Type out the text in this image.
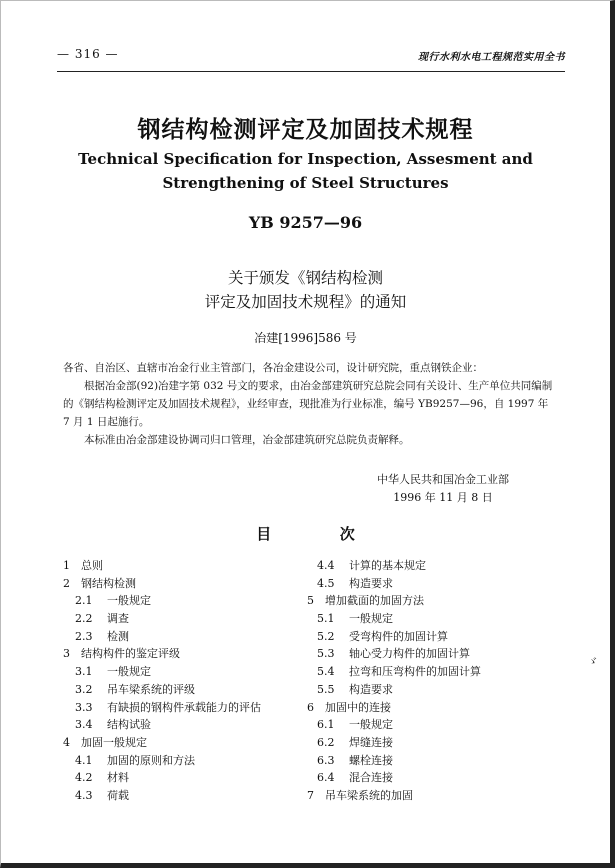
— 316 —	现行水利水电工程规范实用全书
钢结构检测评定及加固技术规程
Technical Specification for Inspection, Assesment and
Strengthening of Steel Structures
YB 9257—96
关于颁发《钢结构检测
评定及加固技术规程》的通知
冶建[1996]586 号

各省、自治区、直辖市冶金行业主管部门，各冶金建设公司，设计研究院，重点钢铁企业：

根据冶金部(92)冶建字第 032 号文的要求，由冶金部建筑研究总院会同有关设计、生产单位共同编制的《钢结构检测评定及加固技术规程》，业经审查，现批准为行业标准，编号 YB9257—96，自 1997 年 7 月 1 日起施行。

本标准由冶金部建设协调司归口管理，冶金部建筑研究总院负责解释。

中华人民共和国冶金工业部
1996 年 11 月 8 日
目	次
1 总则
2 钢结构检测
2.1 一般规定
2.2 调查
2.3 检测
3 结构构件的鉴定评级
3.1 一般规定
3.2 吊车梁系统的评级
3.3 有缺损的钢构件承载能力的评估
3.4 结构试验
4 加固一般规定
4.1 加固的原则和方法
4.2 材料
4.3 荷载
4.4 计算的基本规定
4.5 构造要求
5 增加截面的加固方法
5.1 一般规定
5.2 受弯构件的加固计算
5.3 轴心受力构件的加固计算
5.4 拉弯和压弯构件的加固计算
5.5 构造要求
6 加固中的连接
6.1 一般规定
6.2 焊缝连接
6.3 螺栓连接
6.4 混合连接
7 吊车梁系统的加固
ゞ
